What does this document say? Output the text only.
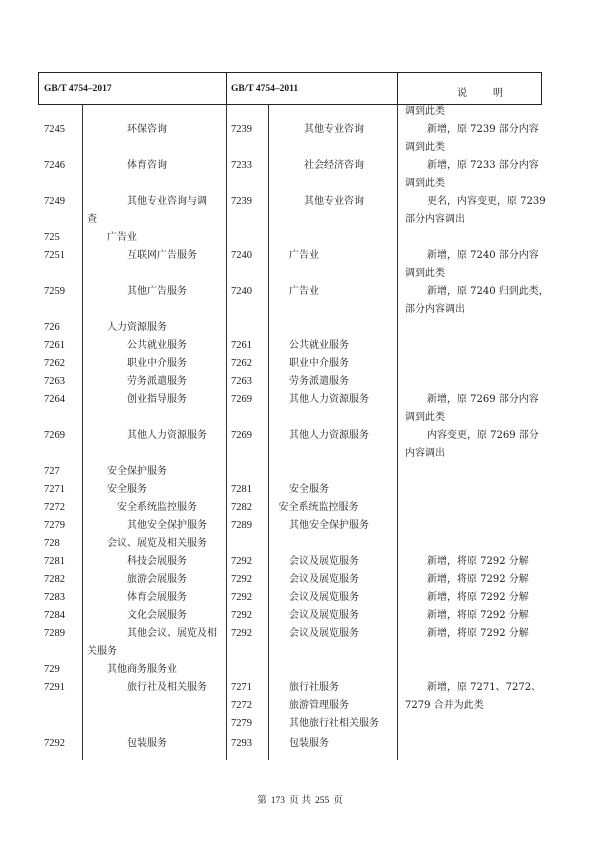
GB/T 4754–2017	GB/T 4754–2011	说明
调到此类
7245	环保咨询	7239	其他专业咨询	新增，原 7239 部分内容
调到此类
7246	体育咨询	7233	社会经济咨询	新增，原 7233 部分内容
调到此类
7249	其他专业咨询与调 7239	其他专业咨询	更名，内容变更，原 7239
查	部分内容调出
725	广告业
7251	互联网广告服务	7240	广告业	新增，原 7240 部分内容
调到此类
7259	其他广告服务	7240	广告业	新增，原 7240 归到此类，
部分内容调出
726	人力资源服务
7261	公共就业服务	7261	公共就业服务
7262	职业中介服务	7262	职业中介服务
7263	劳务派遣服务	7263	劳务派遣服务
7264	创业指导服务	7269	其他人力资源服务	新增，原 7269 部分内容
调到此类
7269	其他人力资源服务 7269	其他人力资源服务	内容变更，原 7269 部分
内容调出
727	安全保护服务
7271	安全服务	7281	安全服务
7272	安全系统监控服务	7282	安全系统监控服务
7279	其他安全保护服务 7289	其他安全保护服务
728	会议、展览及相关服务
7281	科技会展服务	7292	会议及展览服务	新增，将原 7292 分解
7282	旅游会展服务	7292	会议及展览服务	新增，将原 7292 分解
7283	体育会展服务	7292	会议及展览服务	新增，将原 7292 分解
7284	文化会展服务	7292	会议及展览服务	新增，将原 7292 分解
7289	其他会议、展览及相 7292	会议及展览服务	新增，将原 7292 分解
关服务
729	其他商务服务业
7291	旅行社及相关服务 7271	旅行社服务	新增，原 7271、7272、
7272	旅游管理服务	7279 合并为此类
7279	其他旅行社相关服务
7292	包装服务	7293	包装服务
第 173 页 共 255 页
